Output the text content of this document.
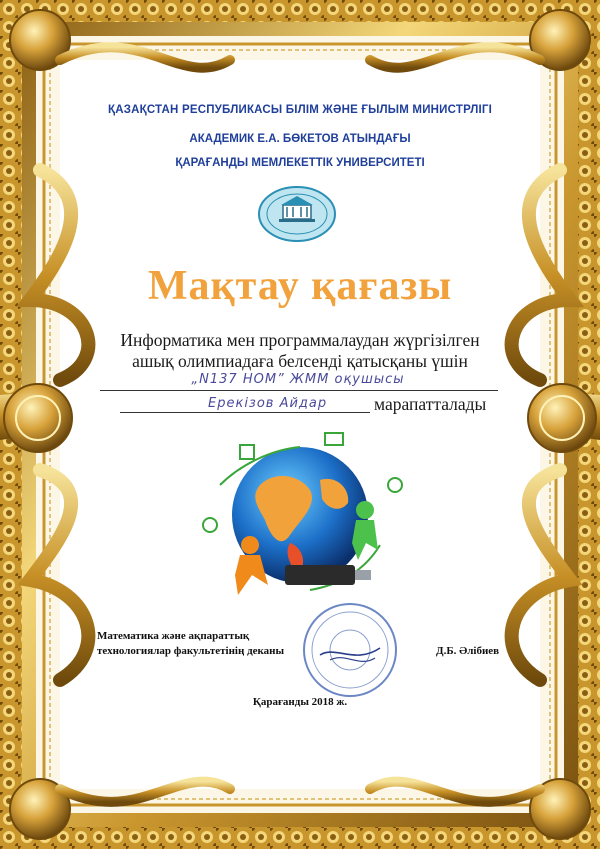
ҚАЗАҚСТАН РЕСПУБЛИКАСЫ БІЛІМ ЖӘНЕ ҒЫЛЫМ МИНИСТРЛІГІ
АКАДЕМИК Е.А. БӨКЕТОВ АТЫНДАҒЫ
ҚАРАҒАНДЫ МЕМЛЕКЕТТІК УНИВЕРСИТЕТІ
Мақтау қағазы
Информатика мен программалаудан жүргізілген
ашық олимпиадаға белсенді қатысқаны үшін
„N137 НОМ” ЖММ оқушысы
Ерекізов Айдар	марапатталады
Математика және ақпараттық
технологиялар факультетінің деканы	Д.Б. Әлібиев
Қарағанды 2018 ж.
